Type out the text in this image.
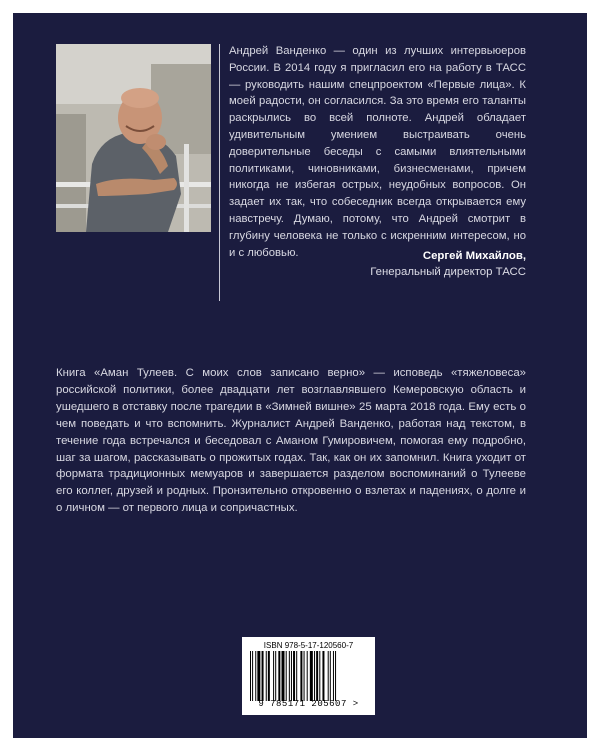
Андрей Ванденко — один из лучших интервьюеров России. В 2014 году я пригласил его на работу в ТАСС — руководить нашим спецпроектом «Первые лица». К моей радости, он согласился. За это время его таланты раскрылись во всей полноте. Андрей обладает удивительным умением выстраивать очень доверительные беседы с самыми влиятельными политиками, чиновниками, бизнесменами, причем никогда не избегая острых, неудобных вопросов. Он задает их так, что собеседник всегда открывается ему навстречу. Думаю, потому, что Андрей смотрит в глубину человека не только с искренним интересом, но и с любовью.	Сергей Михайлов,
Генеральный директор ТАСС

Книга «Аман Тулеев. С моих слов записано верно» — исповедь «тяжеловеса» российской политики, более двадцати лет возглавлявшего Кемеровскую область и ушедшего в отставку после трагедии в «Зимней вишне» 25 марта 2018 года. Ему есть о чем поведать и что вспомнить. Журналист Андрей Ванденко, работая над текстом, в течение года встречался и беседовал с Аманом Гумировичем, помогая ему подробно, шаг за шагом, рассказывать о прожитых годах. Так, как он их запомнил. Книга уходит от формата традиционных мемуаров и завершается разделом воспоминаний о Тулееве его коллег, друзей и родных. Пронзительно откровенно о взлетах и падениях, о долге и о личном — от первого лица и сопричастных.

ISBN 978-5-17-120560-7
9 785171 205607 >
